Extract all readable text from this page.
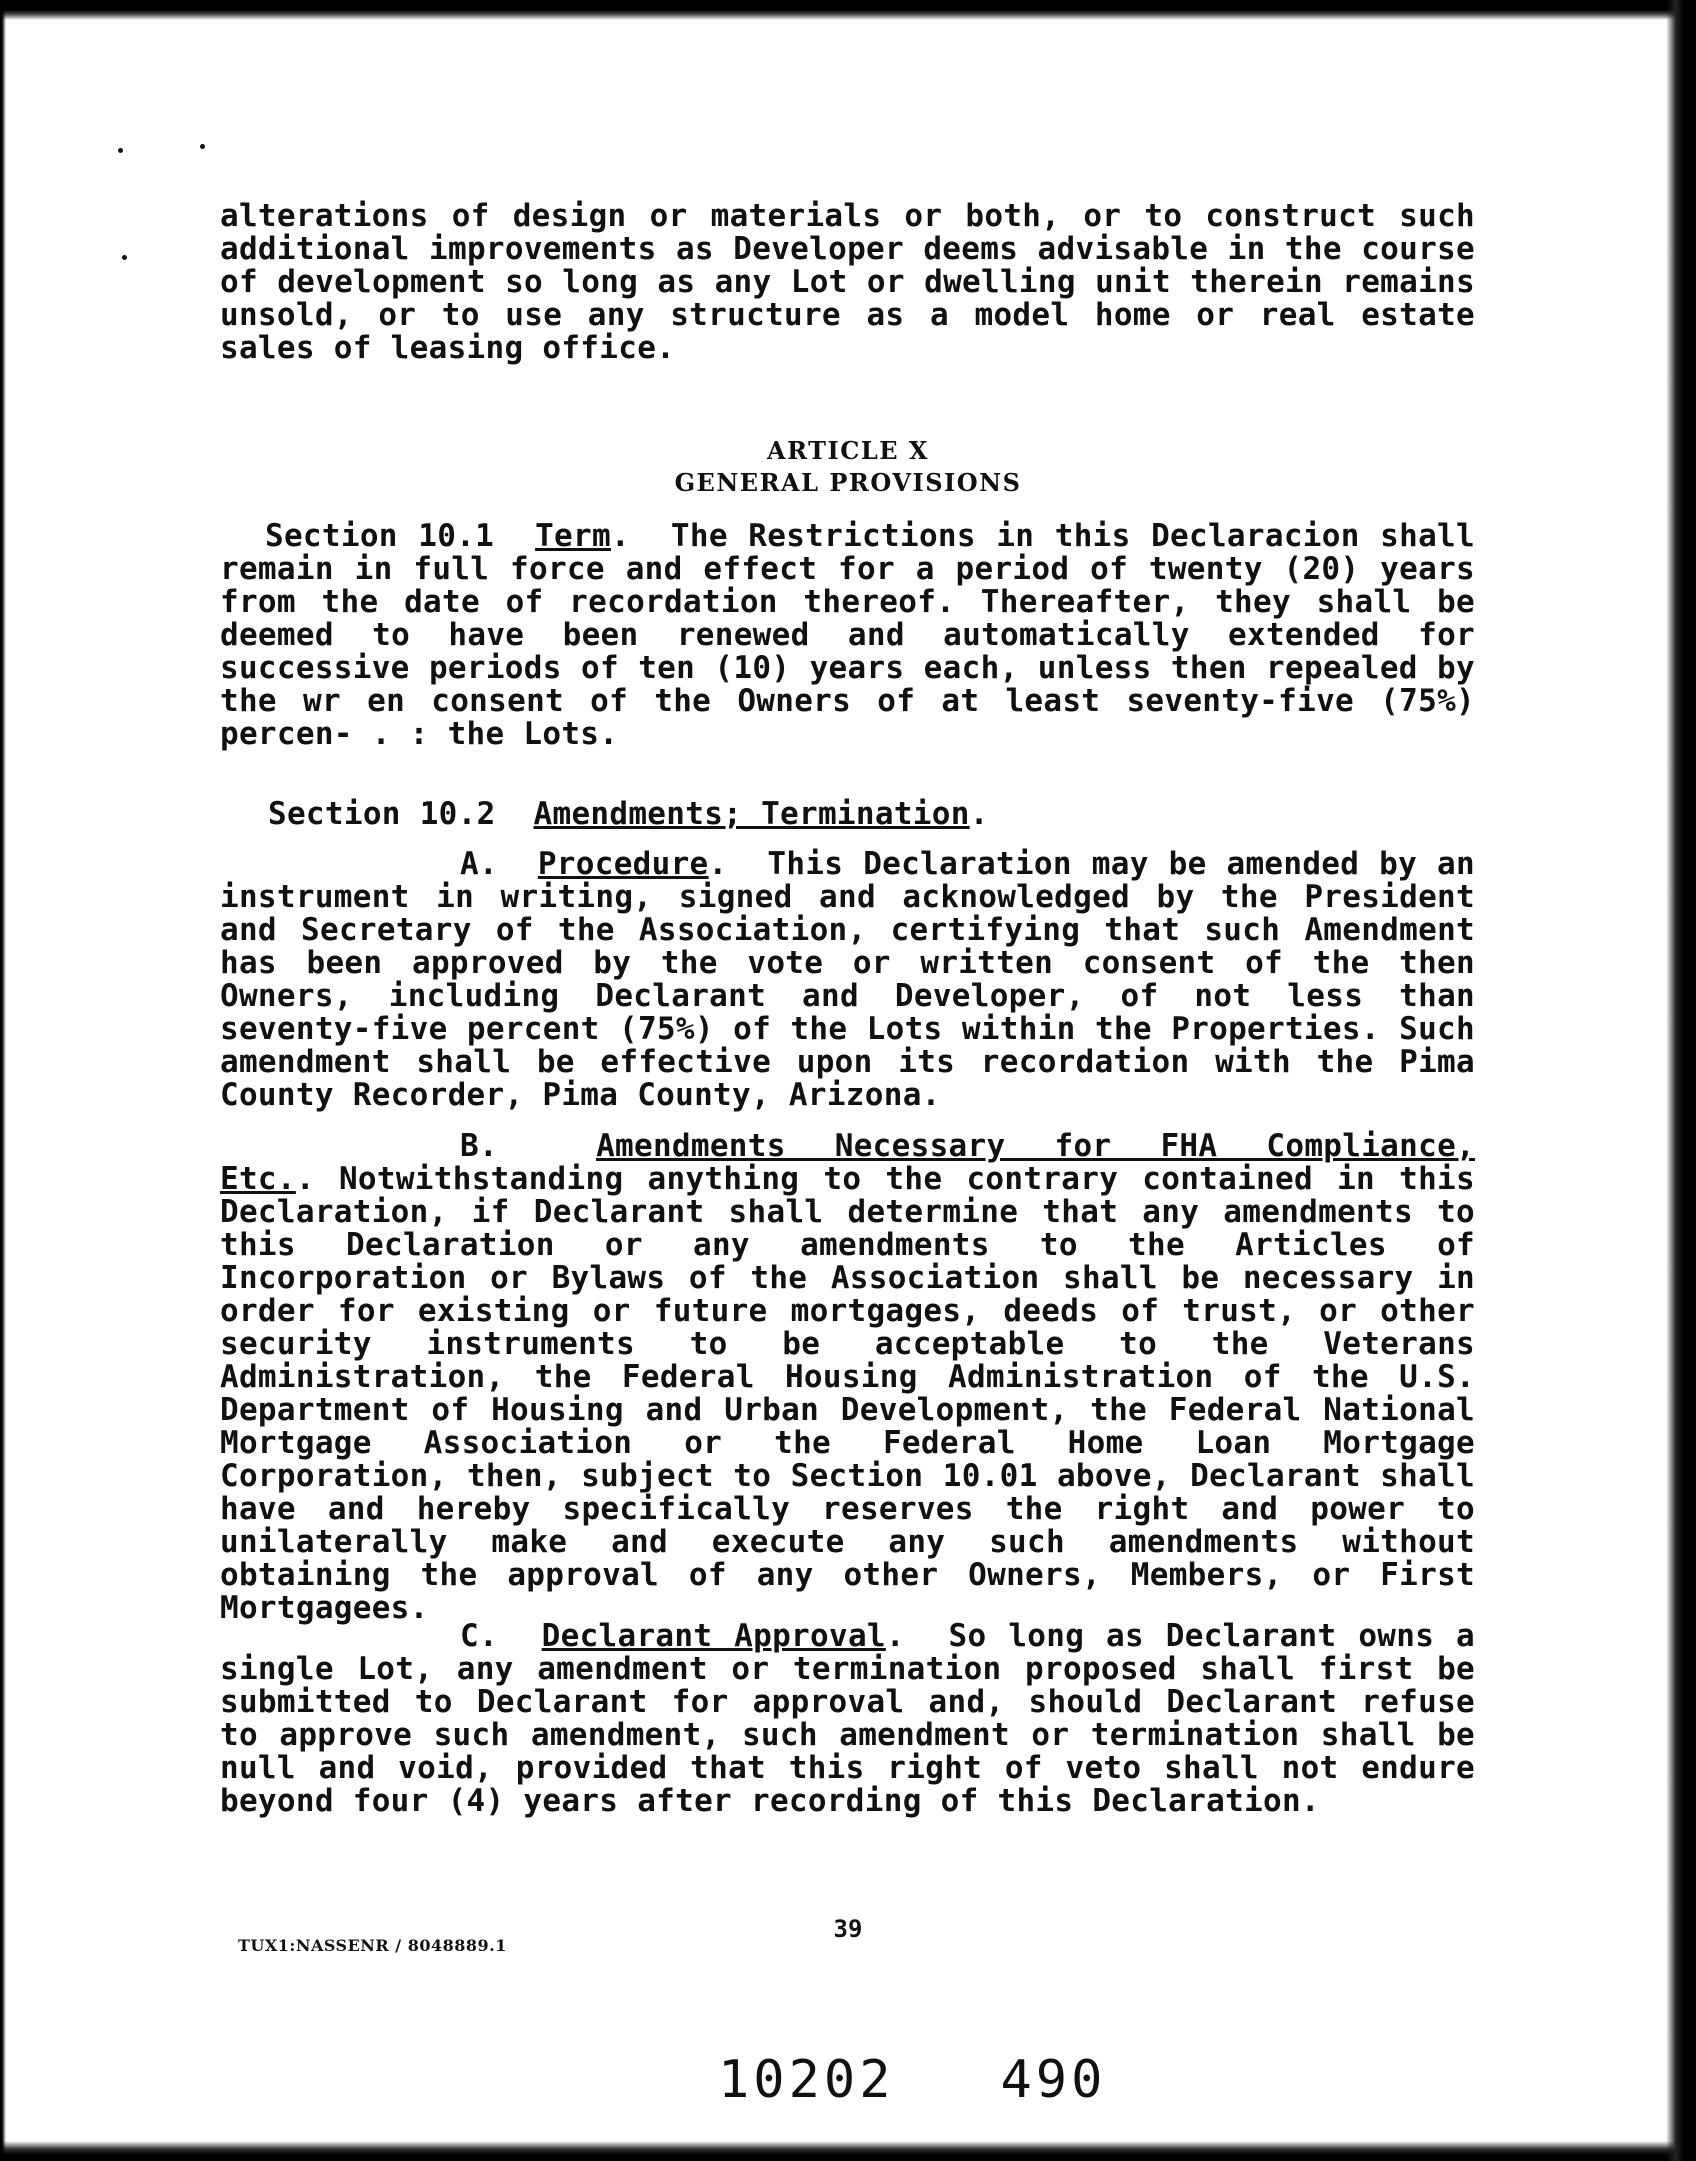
alterations of design or materials or both, or to construct such additional improvements as Developer deems advisable in the course of development so long as any Lot or dwelling unit therein remains unsold, or to use any structure as a model home or real estate sales of leasing office.

ARTICLE X

GENERAL PROVISIONS

Section 10.1 Term.  The Restrictions in this Declaracion shall remain in full force and effect for a period of twenty (20) years from the date of recordation thereof. Thereafter, they shall be deemed to have been renewed and automatically extended for successive periods of ten (10) years each, unless then repealed by the wr en consent of the Owners of at least seventy-five (75%) percen- . : the Lots.

Section 10.2 Amendments; Termination.

A. Procedure.  This Declaration may be amended by an instrument in writing, signed and acknowledged by the President and Secretary of the Association, certifying that such Amendment has been approved by the vote or written consent of the then Owners, including Declarant and Developer, of not less than seventy-five percent (75%) of the Lots within the Properties. Such amendment shall be effective upon its recordation with the Pima County Recorder, Pima County, Arizona.

B.	Amendments Necessary for FHA Compliance, Etc.. Notwithstanding anything to the contrary contained in this Declaration, if Declarant shall determine that any amendments to this Declaration or any amendments to the Articles of Incorporation or Bylaws of the Association shall be necessary in order for existing or future mortgages, deeds of trust, or other security instruments to be acceptable to the Veterans Administration, the Federal Housing Administration of the U.S. Department of Housing and Urban Development, the Federal National Mortgage Association or the Federal Home Loan Mortgage Corporation, then, subject to Section 10.01 above, Declarant shall have and hereby specifically reserves the right and power to unilaterally make and execute any such amendments without obtaining the approval of any other Owners, Members, or First Mortgagees.

C. Declarant Approval.  So long as Declarant owns a single Lot, any amendment or termination proposed shall first be submitted to Declarant for approval and, should Declarant refuse to approve such amendment, such amendment or termination shall be null and void, provided that this right of veto shall not endure beyond four (4) years after recording of this Declaration.

TUX1:NASSENR / 8048889.1
39
10202   490
